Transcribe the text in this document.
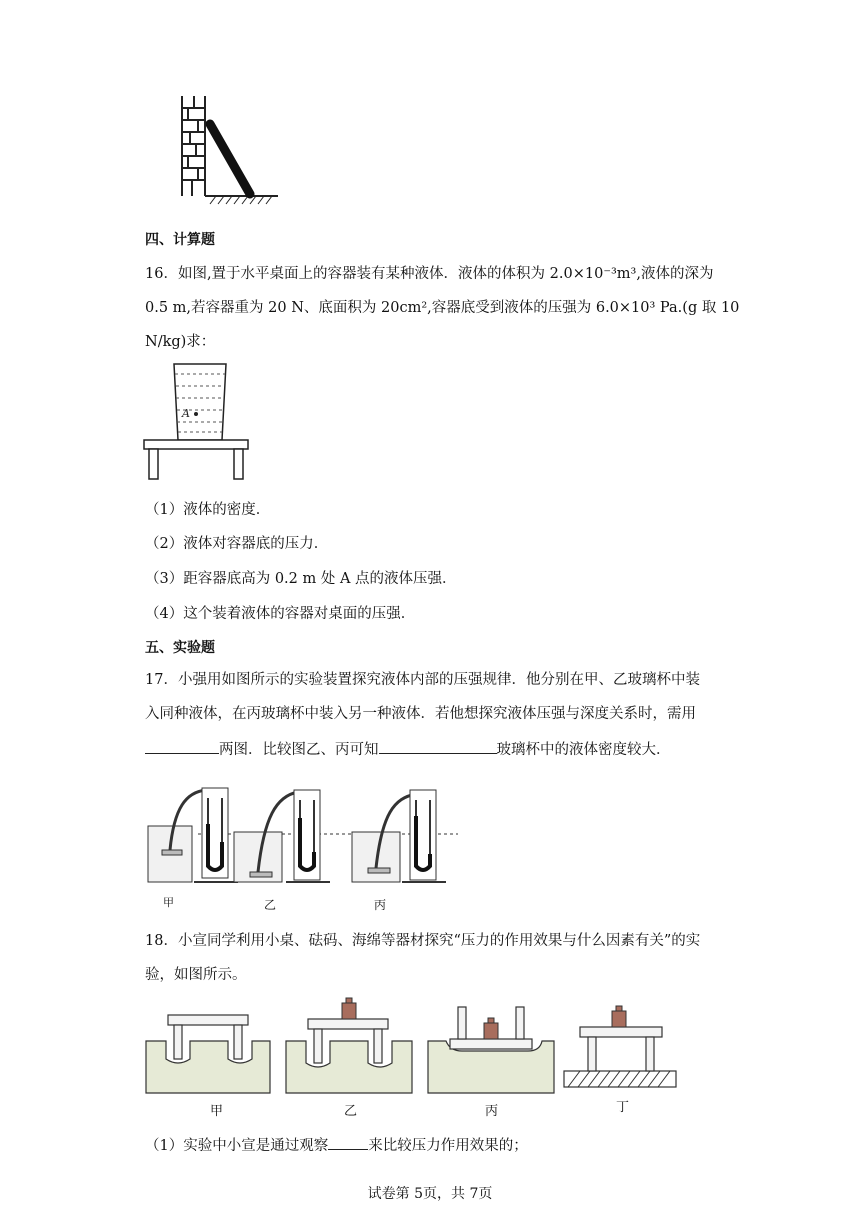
四、计算题
16．如图,置于水平桌面上的容器装有某种液体．液体的体积为 2.0×10⁻³m³,液体的深为
0.5 m,若容器重为 20 N、底面积为 20cm²,容器底受到液体的压强为 6.0×10³ Pa.(g 取 10
N/kg)求：
A
（1）液体的密度．
（2）液体对容器底的压力．
（3）距容器底高为 0.2 m 处 A 点的液体压强．
（4）这个装着液体的容器对桌面的压强．
五、实验题
17．小强用如图所示的实验装置探究液体内部的压强规律．他分别在甲、乙玻璃杯中装
入同种液体，在丙玻璃杯中装入另一种液体．若他想探究液体压强与深度关系时，需用
两图．比较图乙、丙可知	玻璃杯中的液体密度较大．
甲	乙	丙
18．小宣同学利用小桌、砝码、海绵等器材探究“压力的作用效果与什么因素有关”的实
验，如图所示。
甲	乙	丙	丁
（1）实验中小宣是通过观察	来比较压力作用效果的；
试卷第 5页，共 7页
